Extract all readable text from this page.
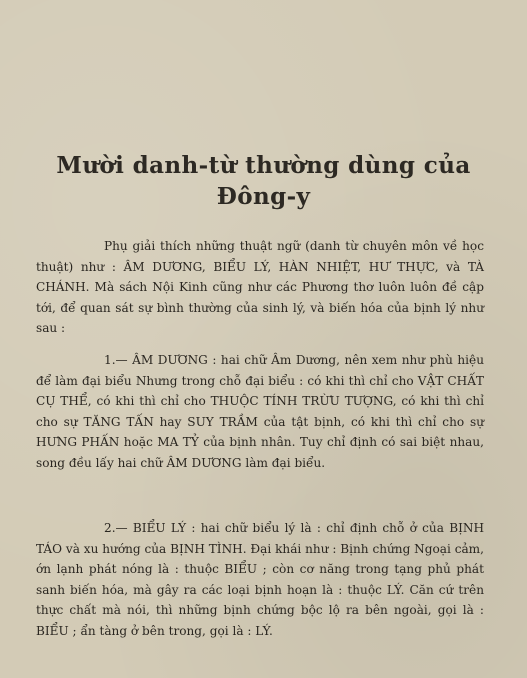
Mười danh-từ thường dùng của
Đông-y

Phụ giải thích những thuật ngữ (danh từ chuyên môn về học thuật) như : ÂM DƯƠNG, BIỂU LÝ, HÀN NHIỆT, HƯ THỰC, và TÀ CHÁNH. Mà sách Nội Kinh cũng như các Phương thơ luôn luôn đề cập tới, để quan sát sự bình thường của sinh lý, và biến hóa của bịnh lý như sau :

1.— ÂM DƯƠNG : hai chữ Âm Dương, nên xem như phù hiệu để làm đại biểu Nhưng trong chỗ đại biểu : có khi thì chỉ cho VẬT CHẤT CỤ THỂ, có khi thì chỉ cho THUỘC TÍNH TRỪU TƯỢNG, có khi thì chỉ cho sự TĂNG TẤN hay SUY TRẦM của tật bịnh, có khi thì chỉ cho sự HƯNG PHẤN hoặc MA TỶ của bịnh nhân. Tuy chỉ định có sai biệt nhau, song đều lấy hai chữ ÂM DƯƠNG làm đại biểu.

2.— BIỂU LÝ : hai chữ biểu lý là : chỉ định chỗ ở của BỊNH TÁO và xu hướng của BỊNH TÌNH. Đại khái như : Bịnh chứng Ngoại cảm, ớn lạnh phát nóng là : thuộc BIỂU ; còn cơ năng trong tạng phủ phát sanh biến hóa, mà gây ra các loại bịnh hoạn là : thuộc LÝ. Căn cứ trên thực chất mà nói, thì những bịnh chứng bộc lộ ra bên ngoài, gọi là : BIỂU ; ẩn tàng ở bên trong, gọi là : LÝ.
